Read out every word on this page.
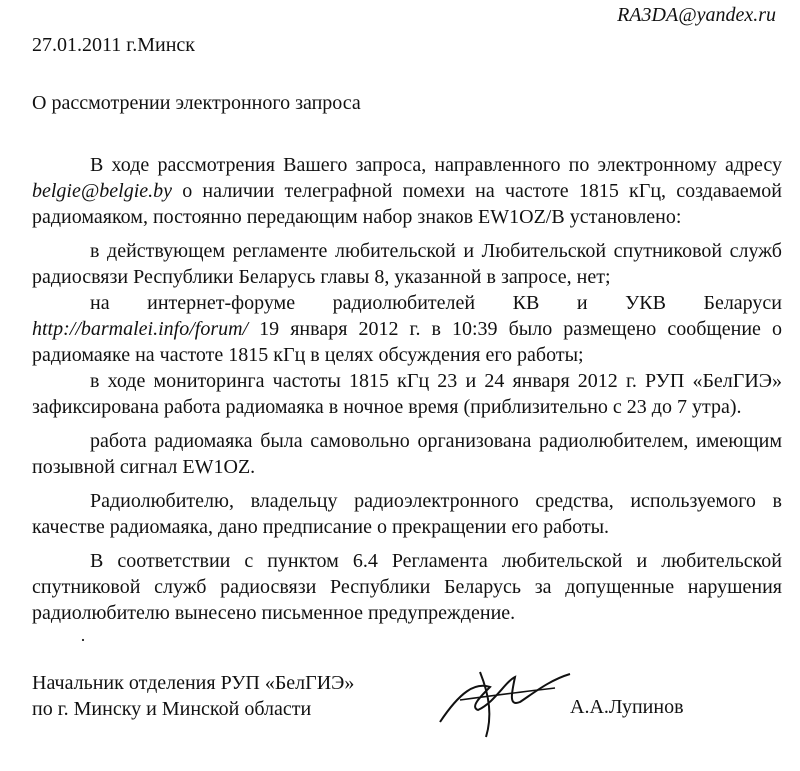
RA3DA@yandex.ru
27.01.2011 г.Минск
О рассмотрении электронного запроса

В ходе рассмотрения Вашего запроса, направленного по электронному адресу belgie@belgie.by о наличии телеграфной помехи на частоте 1815 кГц, создаваемой радиомаяком, постоянно передающим набор знаков EW1OZ/B установлено:

в действующем регламенте любительской и Любительской спутниковой служб радиосвязи Республики Беларусь главы 8, указанной в запросе, нет;

на интернет-форуме радиолюбителей КВ и УКВ Беларуси http://barmalei.info/forum/ 19 января 2012 г. в 10:39 было размещено сообщение о радиомаяке на частоте 1815 кГц в целях обсуждения его работы;

в ходе мониторинга частоты 1815 кГц 23 и 24 января 2012 г. РУП «БелГИЭ» зафиксирована работа радиомаяка в ночное время (приблизительно с 23 до 7 утра).

работа радиомаяка была самовольно организована радиолюбителем, имеющим позывной сигнал EW1OZ.

Радиолюбителю, владельцу радиоэлектронного средства, используемого в качестве радиомаяка, дано предписание о прекращении его работы.

В соответствии с пунктом 6.4 Регламента любительской и любительской спутниковой служб радиосвязи Республики Беларусь за допущенные нарушения радиолюбителю вынесено письменное предупреждение.

·
Начальник отделения РУП «БелГИЭ»
по г. Минску и Минской области	А.А.Лупинов
